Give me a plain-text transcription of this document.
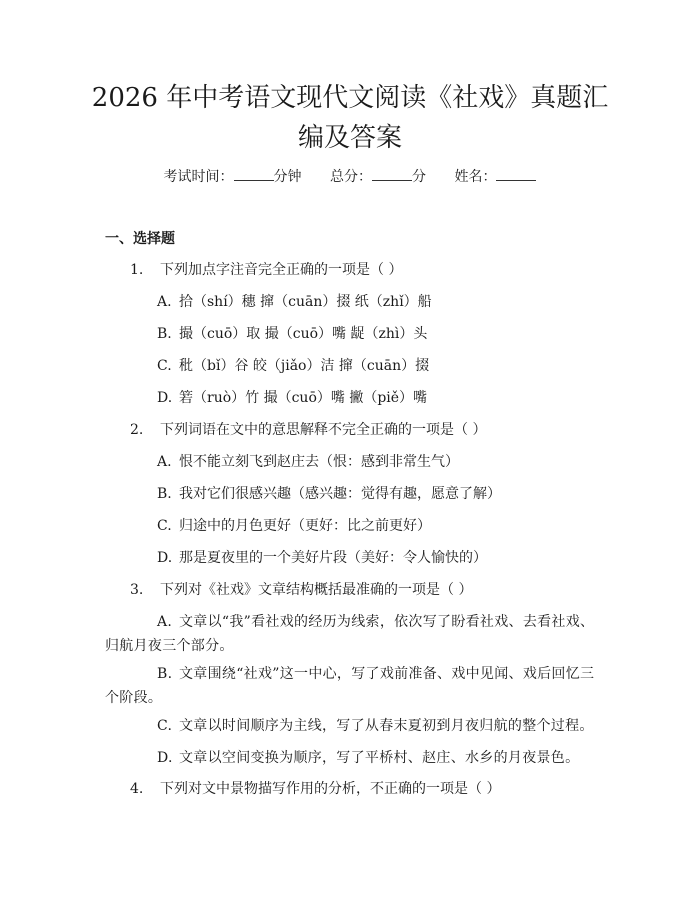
2026 年中考语文现代文阅读《社戏》真题汇编及答案
考试时间：	分钟 总分：	分 姓名：
一、选择题
1. 下列加点字注音完全正确的一项是（ ）
A. 拾（shí）穗 撺（cuān）掇 纸（zhǐ）船
B. 撮（cuō）取 撮（cuō）嘴 龊（zhì）头
C. 秕（bǐ）谷 皎（jiǎo）洁 撺（cuān）掇
D. 箬（ruò）竹 撮（cuō）嘴 撇（piě）嘴
2. 下列词语在文中的意思解释不完全正确的一项是（ ）
A. 恨不能立刻飞到赵庄去（恨：感到非常生气）
B. 我对它们很感兴趣（感兴趣：觉得有趣，愿意了解）
C. 归途中的月色更好（更好：比之前更好）
D. 那是夏夜里的一个美好片段（美好：令人愉快的）
3. 下列对《社戏》文章结构概括最准确的一项是（ ）
A. 文章以“我”看社戏的经历为线索，依次写了盼看社戏、去看社戏、归航月夜三个部分。
B. 文章围绕“社戏”这一中心，写了戏前准备、戏中见闻、戏后回忆三个阶段。
C. 文章以时间顺序为主线，写了从春末夏初到月夜归航的整个过程。
D. 文章以空间变换为顺序，写了平桥村、赵庄、水乡的月夜景色。
4. 下列对文中景物描写作用的分析，不正确的一项是（ ）
